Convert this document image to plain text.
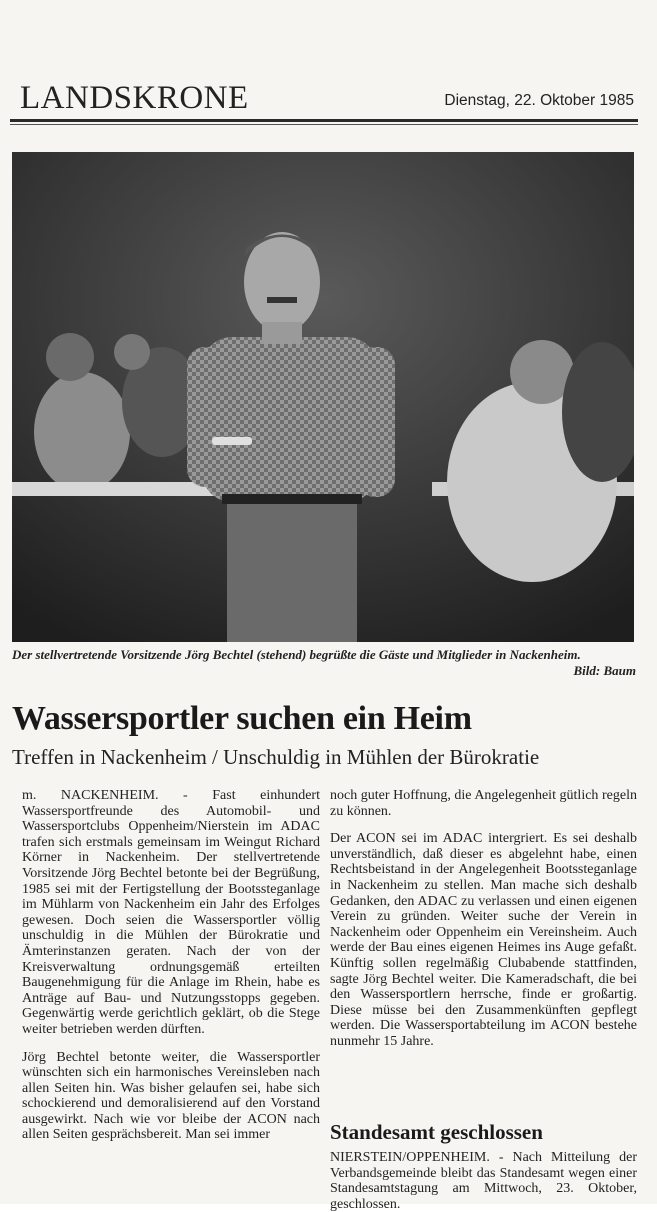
LANDSKRONE	Dienstag, 22. Oktober 1985
Der stellvertretende Vorsitzende Jörg Bechtel (stehend) begrüßte die Gäste und Mitglieder in Nackenheim.
Bild: Baum
Wassersportler suchen ein Heim
Treffen in Nackenheim / Unschuldig in Mühlen der Bürokratie

m. NACKENHEIM. - Fast einhundert Wassersportfreunde des Automobil- und Wassersportclubs Oppenheim/Nierstein im ADAC trafen sich erstmals gemeinsam im Weingut Richard Körner in Nackenheim. Der stellvertretende Vorsitzende Jörg Bechtel betonte bei der Begrüßung, 1985 sei mit der Fertigstellung der Bootssteganlage im Mühlarm von Nackenheim ein Jahr des Erfolges gewesen. Doch seien die Wassersportler völlig unschuldig in die Mühlen der Bürokratie und Ämterinstanzen geraten. Nach der von der Kreisverwaltung ordnungsgemäß erteilten Baugenehmigung für die Anlage im Rhein, habe es Anträge auf Bau- und Nutzungsstopps gegeben. Gegenwärtig werde gerichtlich geklärt, ob die Stege weiter betrieben werden dürften.

Jörg Bechtel betonte weiter, die Wassersportler wünschten sich ein harmonisches Vereinsleben nach allen Seiten hin. Was bisher gelaufen sei, habe sich schockierend und demoralisierend auf den Vorstand ausgewirkt. Nach wie vor bleibe der ACON nach allen Seiten gesprächsbereit. Man sei immer

noch guter Hoffnung, die Angelegenheit gütlich regeln zu können.

Der ACON sei im ADAC intergriert. Es sei deshalb unverständlich, daß dieser es abgelehnt habe, einen Rechtsbeistand in der Angelegenheit Bootssteganlage in Nackenheim zu stellen. Man mache sich deshalb Gedanken, den ADAC zu verlassen und einen eigenen Verein zu gründen. Weiter suche der Verein in Nackenheim oder Oppenheim ein Vereinsheim. Auch werde der Bau eines eigenen Heimes ins Auge gefaßt. Künftig sollen regelmäßig Clubabende stattfinden, sagte Jörg Bechtel weiter. Die Kameradschaft, die bei den Wassersportlern herrsche, finde er großartig. Diese müsse bei den Zusammenkünften gepflegt werden. Die Wassersportabteilung im ACON bestehe nunmehr 15 Jahre.

Standesamt geschlossen
NIERSTEIN/OPPENHEIM. - Nach Mitteilung der Verbandsgemeinde bleibt das Standesamt wegen einer Standesamtstagung am Mittwoch, 23. Oktober, geschlossen.
